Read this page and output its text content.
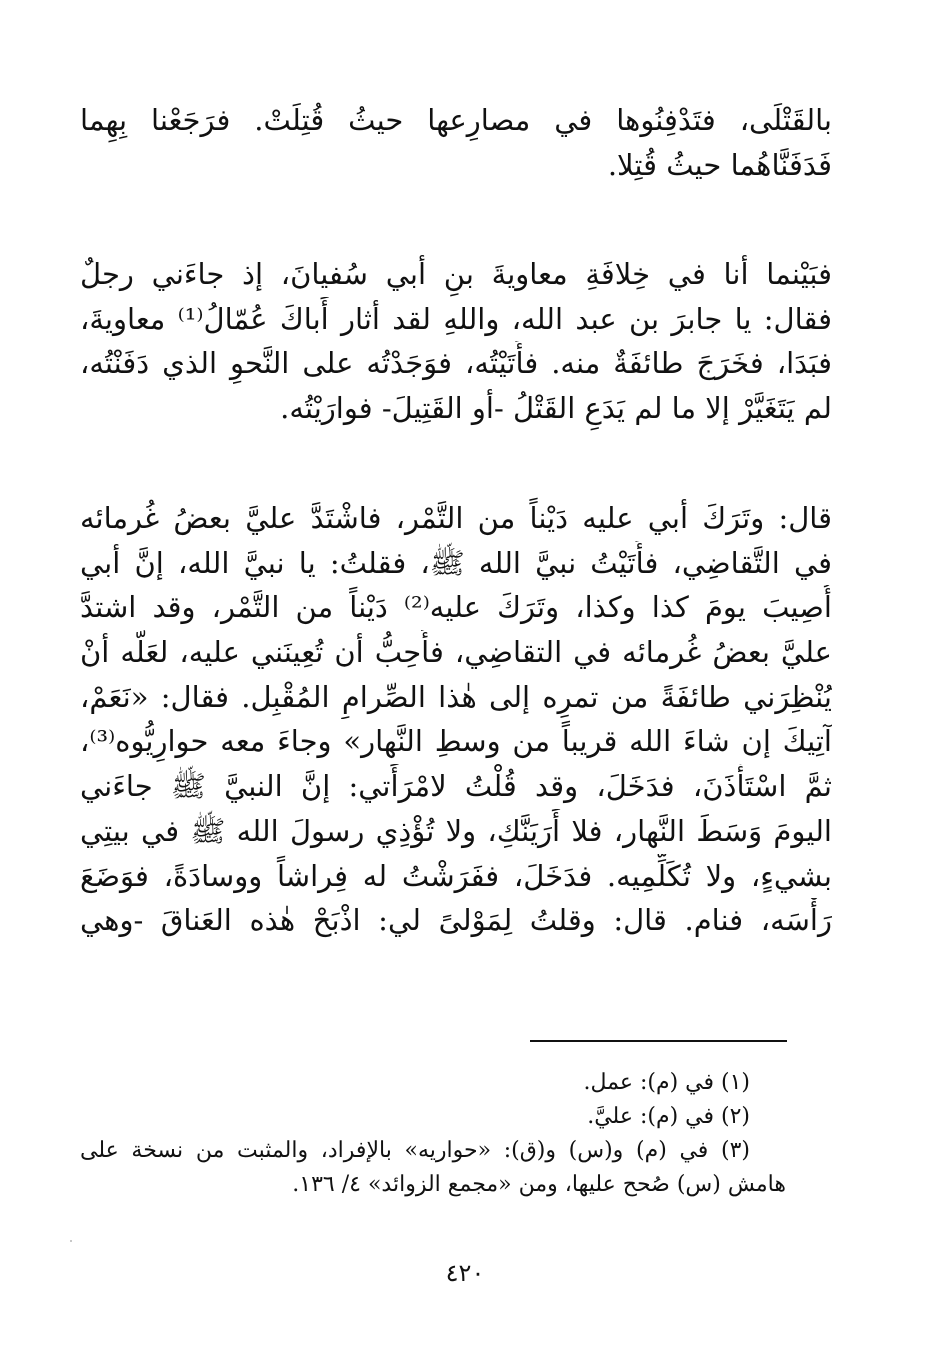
بالقَتْلَى، فتَدْفِنُوها في مصارِعها حيثُ قُتِلَتْ. فرَجَعْنا بِهِما
فَدَفَنَّاهُما حيثُ قُتِلا.
فبَيْنما أنا في خِلافَةِ معاويةَ بنِ أبي سُفيانَ، إذ جاءَني رجلٌ
فقال: يا جابرَ بن عبد الله، واللهِ لقد أثار أَباكَ عُمّالُ⁽¹⁾ معاويةَ،
فبَدَا، فخَرَجَ طائفَةٌ منه. فأَتَيْتُه، فوَجَدْتُه على النَّحوِ الذي دَفَنْتُه،
لم يَتَغَيَّرْ إلا ما لم يَدَعِ القَتْلُ -أو القَتِيلَ- فوارَيْتُه.
قال: وتَرَكَ أبي عليه دَيْناً من التَّمْر، فاشْتَدَّ عليَّ بعضُ غُرمائه
في التَّقاضِي، فأَتَيْتُ نبيَّ الله ﷺ، فقلتُ: يا نبيَّ الله، إنَّ أبي
أُصِيبَ يومَ كذا وكذا، وتَرَكَ عليه⁽²⁾ دَيْناً من التَّمْر، وقد اشتدَّ
عليَّ بعضُ غُرمائه في التقاضِي، فأُحِبُّ أن تُعِينَني عليه، لعَلَّه أنْ
يُنْظِرَني طائفَةً من تمرِه إلى هٰذا الصِّرامِ المُقْبِل. فقال: «نَعَمْ،
آتِيكَ إن شاءَ الله قريباً من وسطِ النَّهار» وجاءَ معه حوارِيُّوه⁽³⁾،
ثمَّ اسْتَأْذَنَ، فدَخَلَ، وقد قُلْتُ لامْرَأَتي: إنَّ النبيَّ ﷺ جاءَني
اليومَ وَسَطَ النَّهار، فلا أَرَيَنَّكِ، ولا تُؤْذِي رسولَ الله ﷺ في بيتِي
بشيءٍ، ولا تُكَلِّمِيه. فدَخَلَ، ففَرَشْتُ له فِراشاً ووسادَةً، فوَضَعَ
رَأْسَه، فنام. قال: وقلتُ لِمَوْلىً لي: اذْبَحْ هٰذه العَناقَ -وهي
(١) في (م): عمل.
(٢) في (م): عليَّ.
(٣) في (م) و(س) و(ق): «حواريه» بالإفراد، والمثبت من نسخة على
هامش (س) صُحح عليها، ومن «مجمع الزوائد» ٤/ ١٣٦.
٤٢٠
